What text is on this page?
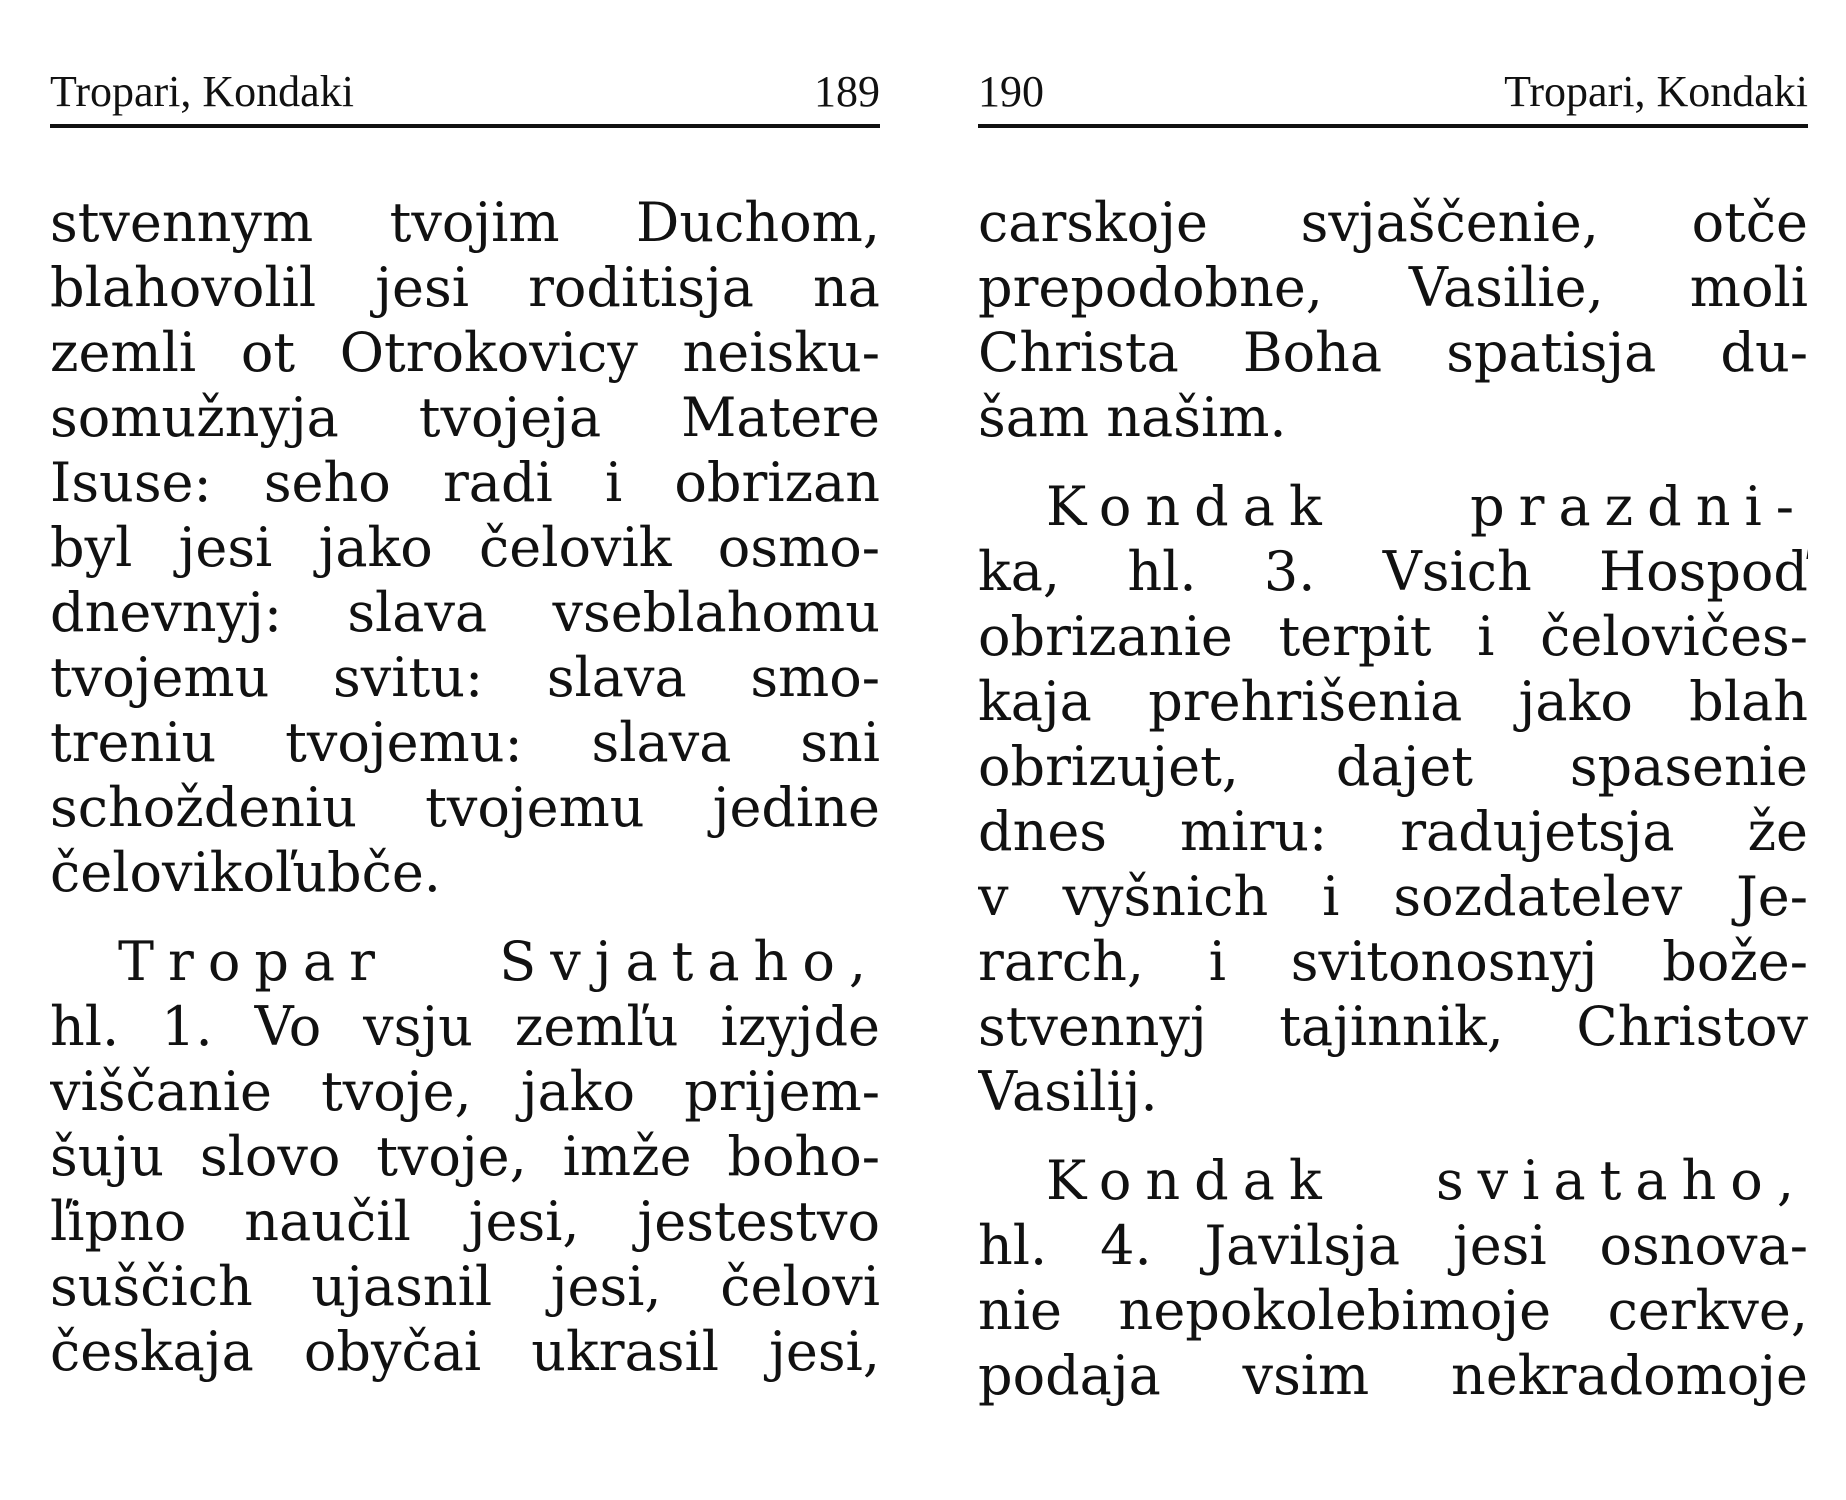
Tropari, Kondaki	189
stvennym tvojim Duchom,
blahovolil jesi roditisja na
zemli ot Otrokovicy neisku-
somužnyja tvojeja Matere
Isuse: seho radi i obrizan
byl jesi jako čelovik osmo-
dnevnyj: slava vseblahomu
tvojemu svitu: slava smo-
treniu tvojemu: slava sni
schoždeniu tvojemu jedine
čelovikoľubče.
Tropar Svjataho,
hl. 1. Vo vsju zemľu izyjde
viščanie tvoje, jako prijem-
šuju slovo tvoje, imže boho-
ľipno naučil jesi, jestestvo
suščich ujasnil jesi, čelovi
českaja obyčai ukrasil jesi,
190	Tropari, Kondaki
carskoje svjaščenie, otče
prepodobne, Vasilie, moli
Christa Boha spatisja du-
šam našim.
Kondak prazdni-
ka, hl. 3. Vsich Hospoď
obrizanie terpit i čelovičes-
kaja prehrišenia jako blah
obrizujet, dajet spasenie
dnes miru: radujetsja že
v vyšnich i sozdatelev Je-
rarch, i svitonosnyj bože-
stvennyj tajinnik, Christov
Vasilij.
Kondak sviataho,
hl. 4. Javilsja jesi osnova-
nie nepokolebimoje cerkve,
podaja vsim nekradomoje
